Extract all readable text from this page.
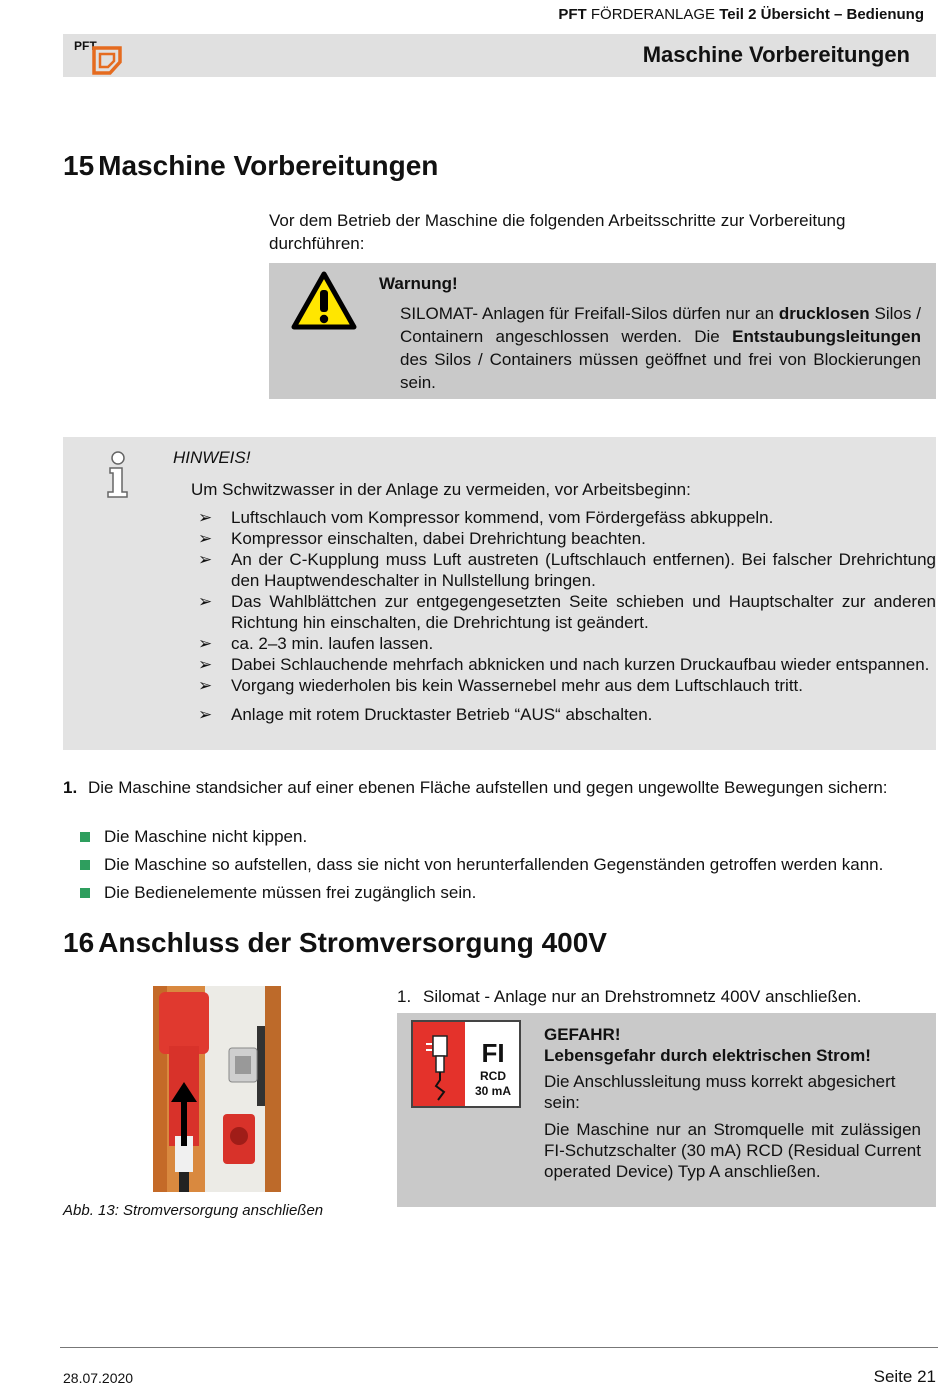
PFT FÖRDERANLAGE Teil 2 Übersicht – Bedienung
PFT	Maschine Vorbereitungen
15 Maschine Vorbereitungen
Vor dem Betrieb der Maschine die folgenden Arbeitsschritte zur Vorbereitung durchführen:
Warnung!
SILOMAT- Anlagen für Freifall-Silos dürfen nur an drucklosen Silos / Containern angeschlossen werden. Die Entstaubungsleitungen des Silos / Containers müssen geöffnet und frei von Blockierungen sein.
HINWEIS!
Um Schwitzwasser in der Anlage zu vermeiden, vor Arbeitsbeginn:
➢ Luftschlauch vom Kompressor kommend, vom Fördergefäss abkuppeln.
➢ Kompressor einschalten, dabei Drehrichtung beachten.
➢ An der C-Kupplung muss Luft austreten (Luftschlauch entfernen). Bei falscher Drehrichtung den Hauptwendeschalter in Nullstellung bringen.
➢ Das Wahlblättchen zur entgegengesetzten Seite schieben und Hauptschalter zur anderen Richtung hin einschalten, die Drehrichtung ist geändert.
➢ ca. 2–3 min. laufen lassen.
➢ Dabei Schlauchende mehrfach abknicken und nach kurzen Druckaufbau wieder entspannen.
➢ Vorgang wiederholen bis kein Wassernebel mehr aus dem Luftschlauch tritt.
➢ Anlage mit rotem Drucktaster Betrieb “AUS“ abschalten.
1. Die Maschine standsicher auf einer ebenen Fläche aufstellen und gegen ungewollte Bewegungen sichern:
Die Maschine nicht kippen.
Die Maschine so aufstellen, dass sie nicht von herunterfallenden Gegenständen getroffen werden kann.
Die Bedienelemente müssen frei zugänglich sein.
16 Anschluss der Stromversorgung 400V
Abb. 13: Stromversorgung anschließen
1. Silomat - Anlage nur an Drehstromnetz 400V anschließen.
FI
RCD
30 mA
GEFAHR!
Lebensgefahr durch elektrischen Strom!
Die Anschlussleitung muss korrekt abgesichert sein:
Die Maschine nur an Stromquelle mit zulässigen FI-Schutzschalter (30 mA) RCD (Residual Current operated Device) Typ A anschließen.
28.07.2020	Seite 21
